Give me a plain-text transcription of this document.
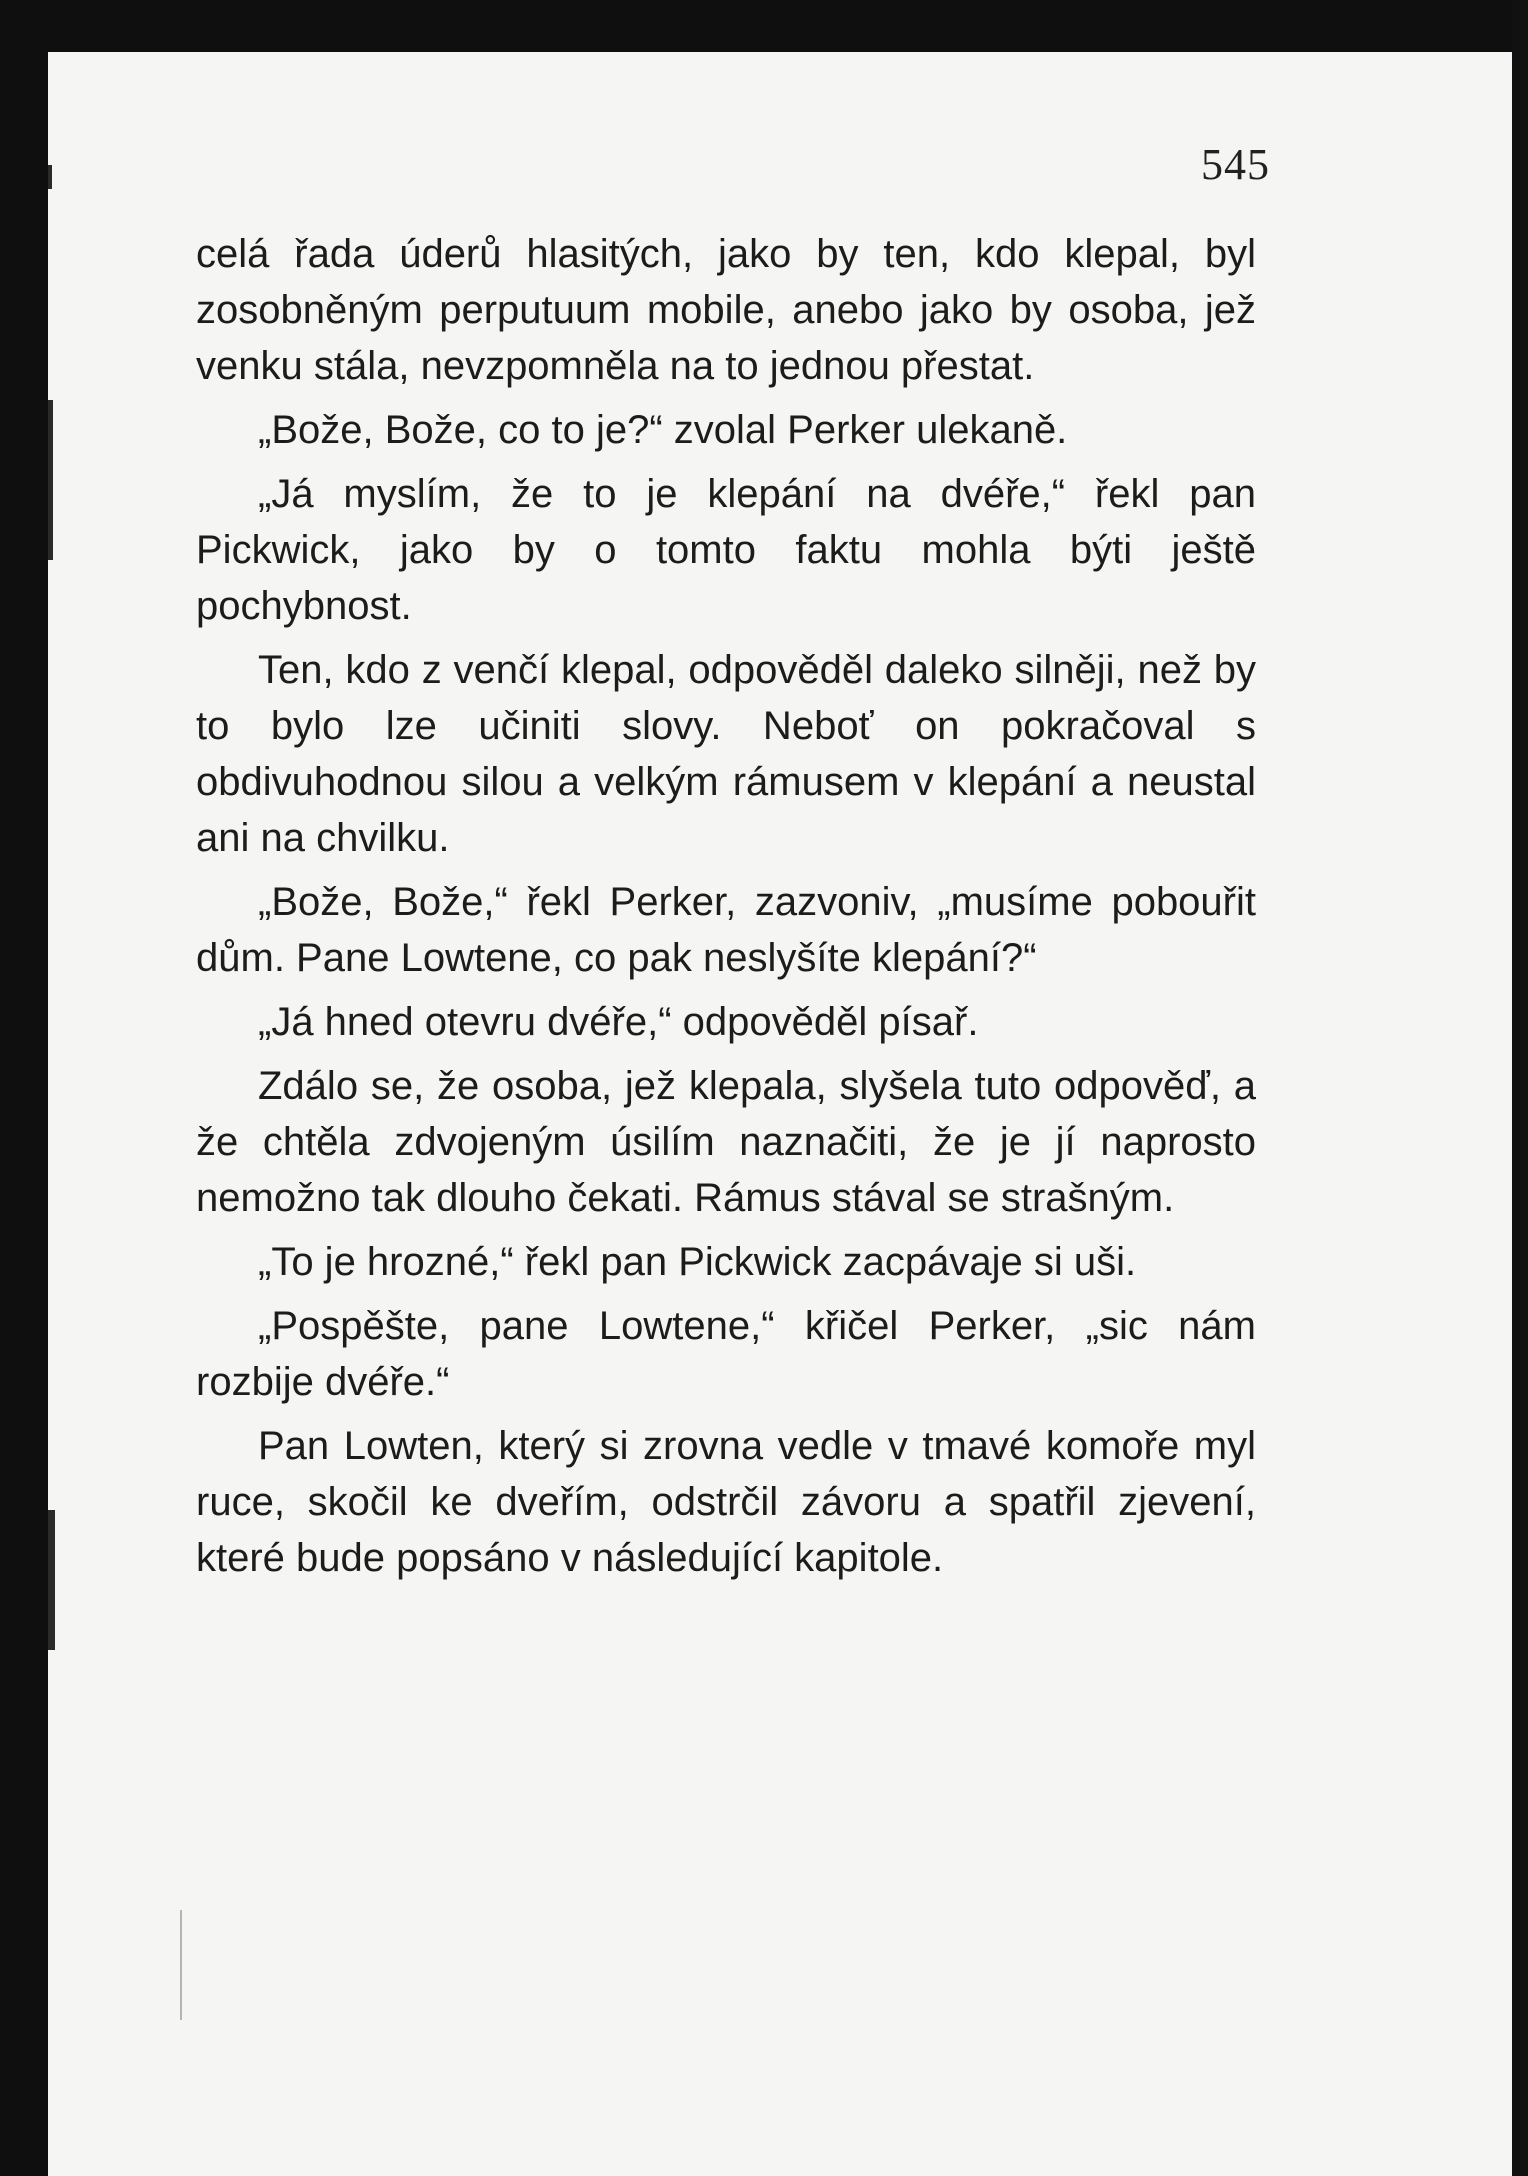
545

celá řada úderů hlasitých, jako by ten, kdo klepal, byl zosobněným perputuum mobile, anebo jako by osoba, jež venku stála, nevzpomněla na to jednou přestat.

„Bože, Bože, co to je?“ zvolal Perker ulekaně.

„Já myslím, že to je klepání na dvéře,“ řekl pan Pickwick, jako by o tomto faktu mohla býti ještě pochybnost.

Ten, kdo z venčí klepal, odpověděl daleko silněji, než by to bylo lze učiniti slovy. Neboť on pokračoval s obdivuhodnou silou a velkým rámusem v klepání a neustal ani na chvilku.

„Bože, Bože,“ řekl Perker, zazvoniv, „musíme pobouřit dům. Pane Lowtene, co pak neslyšíte klepání?“

„Já hned otevru dvéře,“ odpověděl písař.

Zdálo se, že osoba, jež klepala, slyšela tuto odpověď, a že chtěla zdvojeným úsilím naznačiti, že je jí naprosto nemožno tak dlouho čekati. Rámus stával se strašným.

„To je hrozné,“ řekl pan Pickwick zacpávaje si uši.

„Pospěšte, pane Lowtene,“ křičel Perker, „sic nám rozbije dvéře.“

Pan Lowten, který si zrovna vedle v tmavé komoře myl ruce, skočil ke dveřím, odstrčil závoru a spatřil zjevení, které bude popsáno v následující kapitole.
